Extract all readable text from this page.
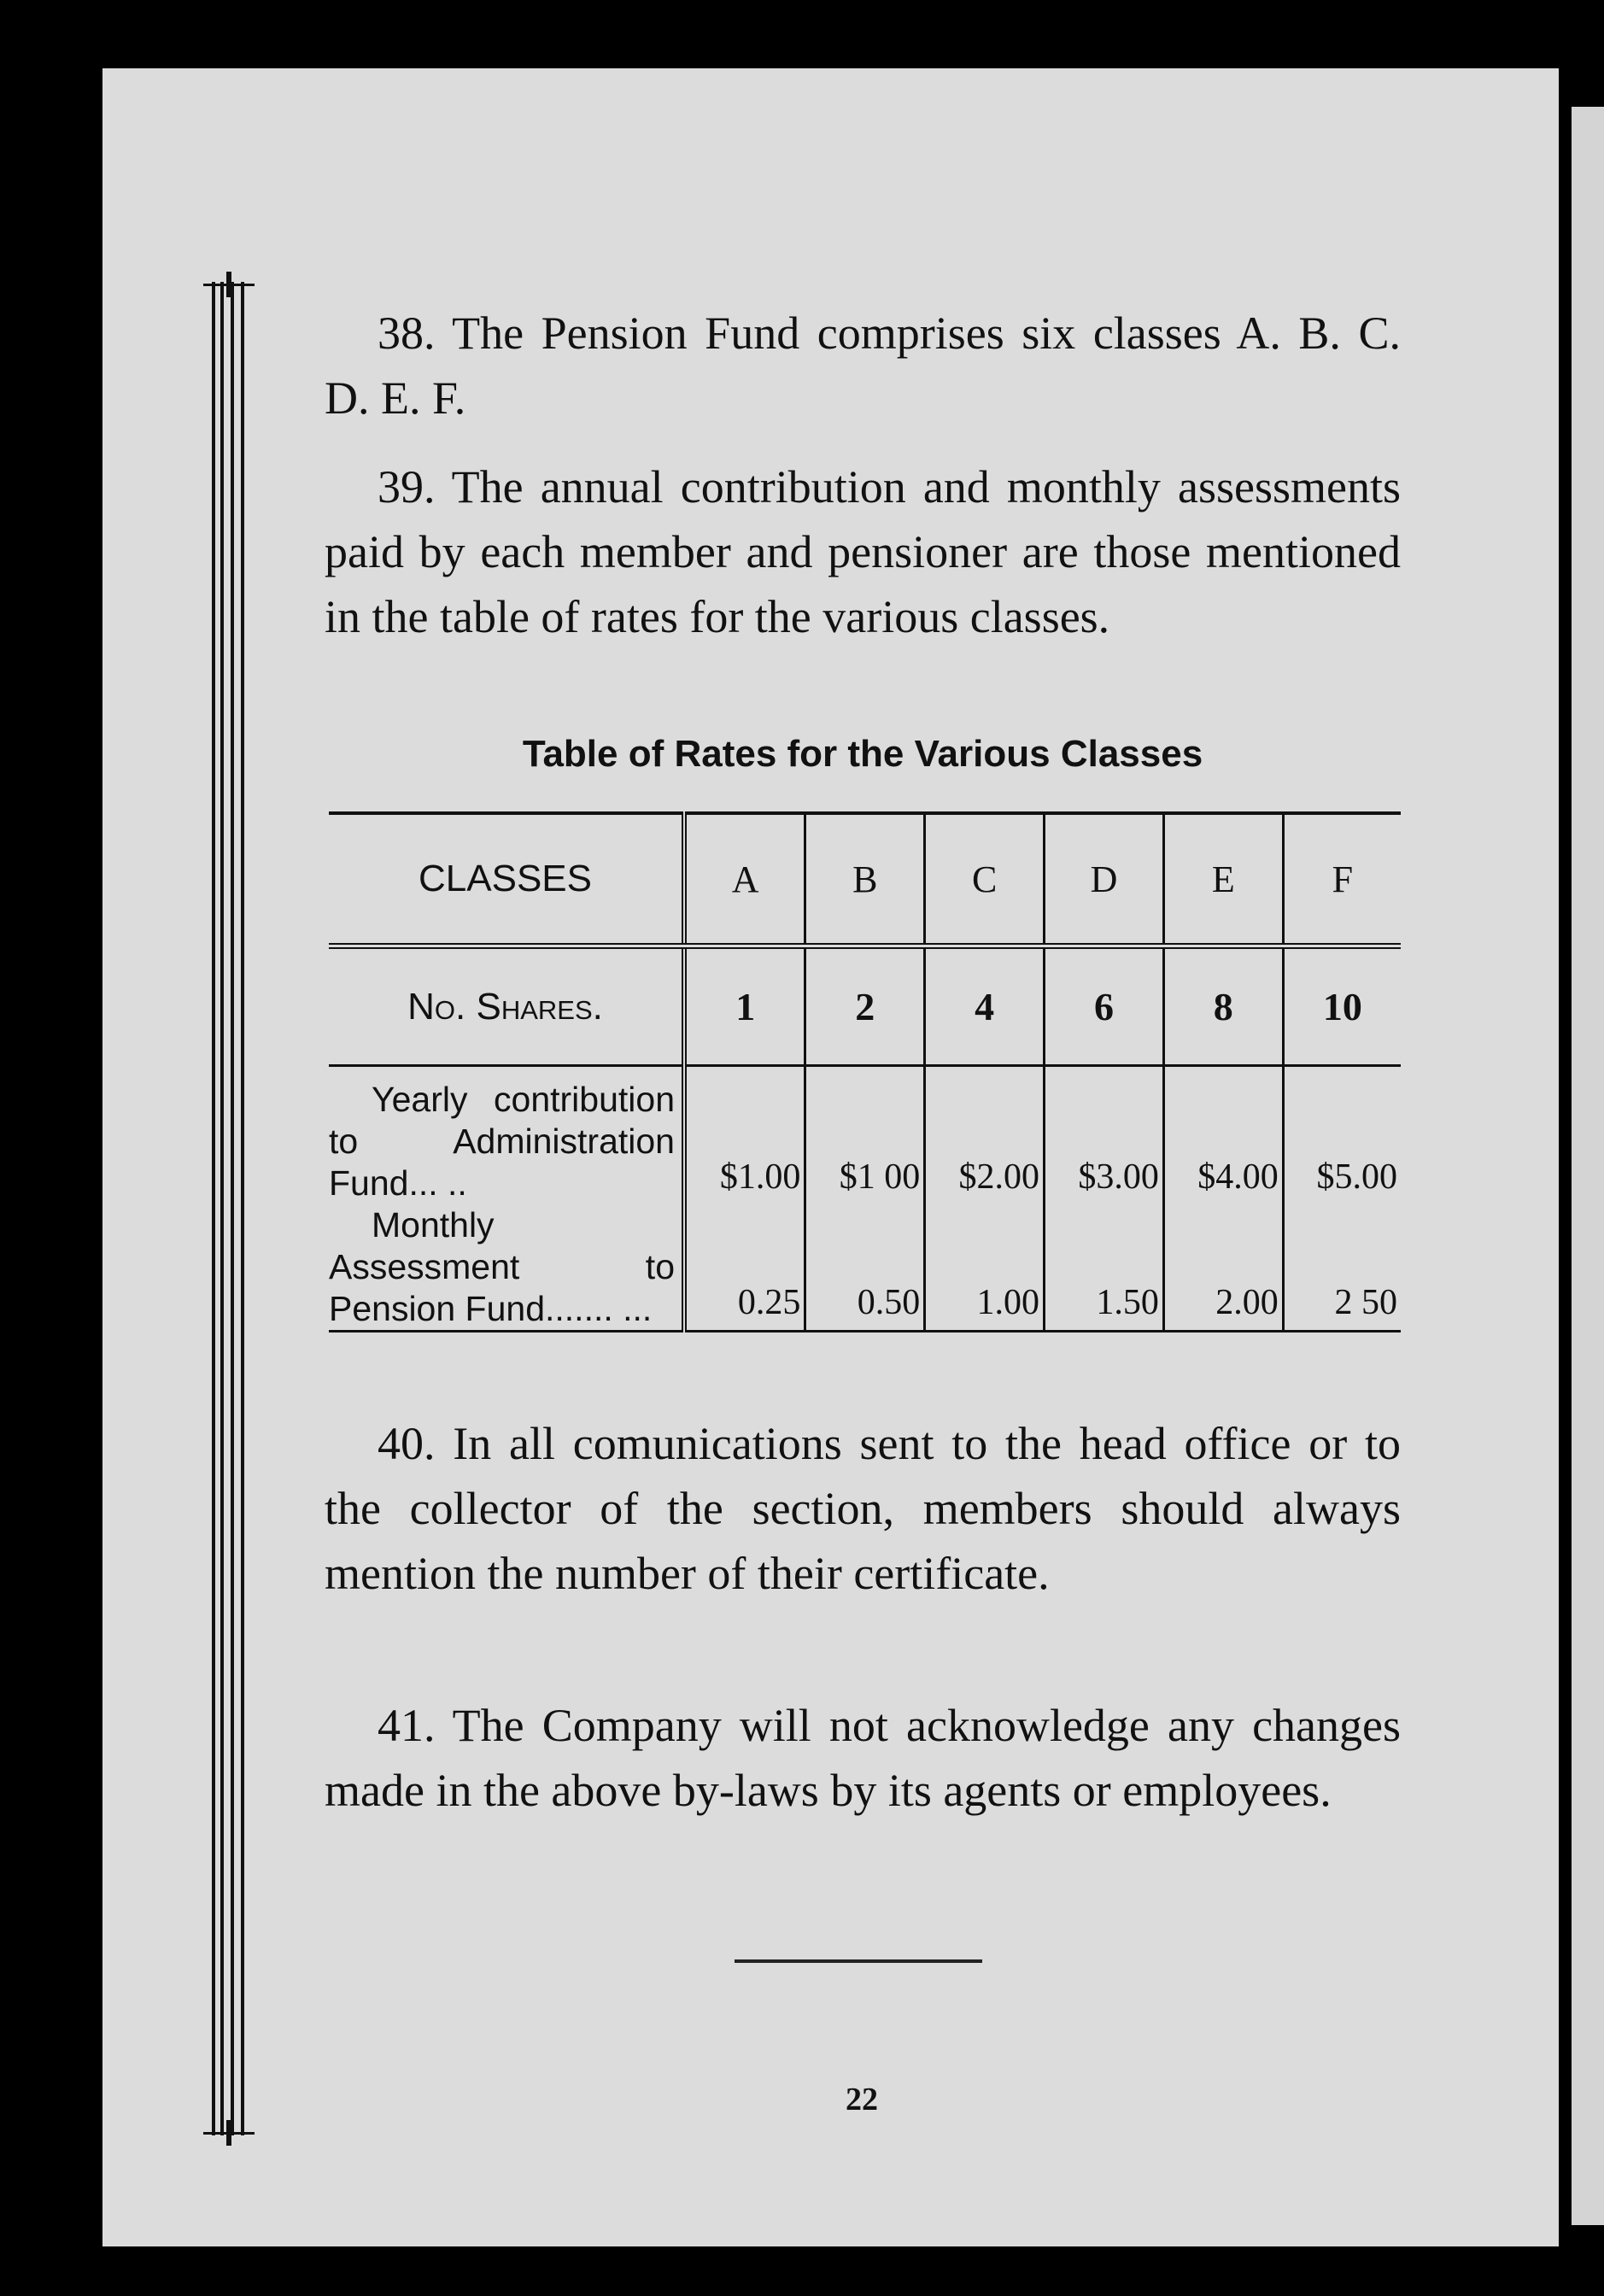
38. The Pension Fund comprises six classes A. B. C. D. E. F.

39. The annual contribution and monthly assessments paid by each member and pensioner are those mentioned in the table of rates for the various classes.

Table of Rates for the Various Classes

CLASSES	A	B	C	D	E	F
No. Shares.	1	2	4	6	8	10
Yearly contribution to Administration Fund... ..	$1.00	$1 00	$2.00	$3.00	$4.00	$5.00
Monthly Assessment to Pension Fund....... ...	0.25	0.50	1.00	1.50	2.00	2 50

40. In all comunications sent to the head office or to the collector of the section, members should always mention the number of their certificate.

41. The Company will not acknowledge any changes made in the above by-laws by its agents or employees.

22
